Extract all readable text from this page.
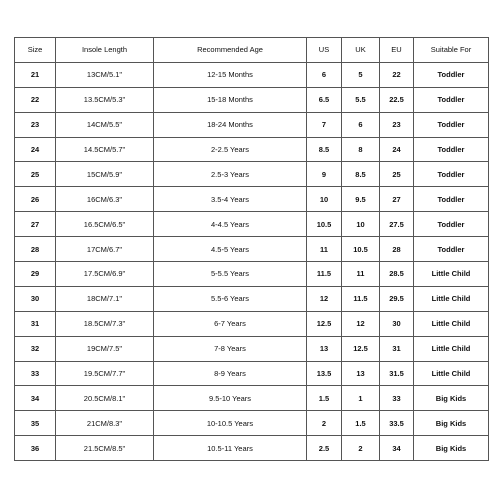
Size	Insole Length	Recommended Age	US	UK	EU	Suitable For
21	13CM/5.1"	12-15 Months	6	5	22	Toddler
22	13.5CM/5.3"	15-18 Months	6.5	5.5	22.5	Toddler
23	14CM/5.5"	18-24 Months	7	6	23	Toddler
24	14.5CM/5.7"	2-2.5 Years	8.5	8	24	Toddler
25	15CM/5.9"	2.5-3 Years	9	8.5	25	Toddler
26	16CM/6.3"	3.5-4 Years	10	9.5	27	Toddler
27	16.5CM/6.5"	4-4.5 Years	10.5	10	27.5	Toddler
28	17CM/6.7"	4.5-5 Years	11	10.5	28	Toddler
29	17.5CM/6.9"	5-5.5 Years	11.5	11	28.5	Little Child
30	18CM/7.1"	5.5-6 Years	12	11.5	29.5	Little Child
31	18.5CM/7.3"	6-7 Years	12.5	12	30	Little Child
32	19CM/7.5"	7-8 Years	13	12.5	31	Little Child
33	19.5CM/7.7"	8-9 Years	13.5	13	31.5	Little Child
34	20.5CM/8.1"	9.5-10 Years	1.5	1	33	Big Kids
35	21CM/8.3"	10-10.5 Years	2	1.5	33.5	Big Kids
36	21.5CM/8.5"	10.5-11 Years	2.5	2	34	Big Kids
